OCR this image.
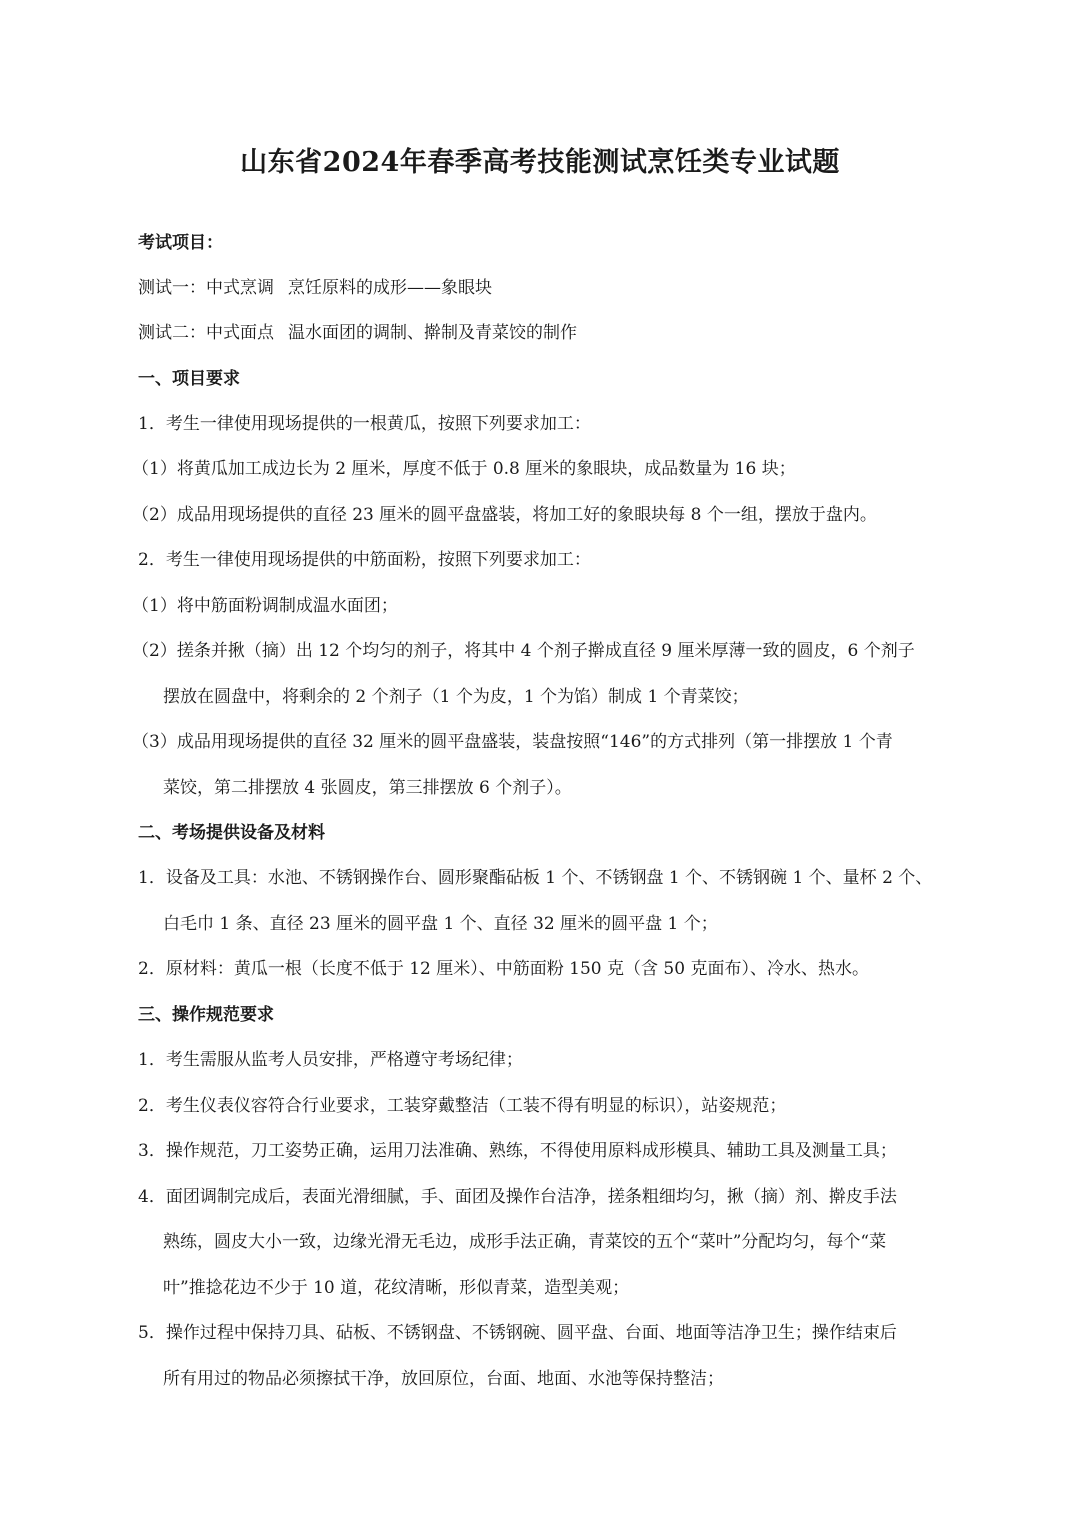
山东省2024年春季高考技能测试烹饪类专业试题
考试项目：
测试一：中式烹调 烹饪原料的成形——象眼块
测试二：中式面点 温水面团的调制、擀制及青菜饺的制作
一、项目要求
1．考生一律使用现场提供的一根黄瓜，按照下列要求加工：
（1）将黄瓜加工成边长为 2 厘米，厚度不低于 0.8 厘米的象眼块，成品数量为 16 块；
（2）成品用现场提供的直径 23 厘米的圆平盘盛装，将加工好的象眼块每 8 个一组，摆放于盘内。
2．考生一律使用现场提供的中筋面粉，按照下列要求加工：
（1）将中筋面粉调制成温水面团；
（2）搓条并揪（摘）出 12 个均匀的剂子，将其中 4 个剂子擀成直径 9 厘米厚薄一致的圆皮，6 个剂子
摆放在圆盘中，将剩余的 2 个剂子（1 个为皮，1 个为馅）制成 1 个青菜饺；
（3）成品用现场提供的直径 32 厘米的圆平盘盛装，装盘按照“146”的方式排列（第一排摆放 1 个青
菜饺，第二排摆放 4 张圆皮，第三排摆放 6 个剂子）。
二、考场提供设备及材料
1．设备及工具：水池、不锈钢操作台、圆形聚酯砧板 1 个、不锈钢盘 1 个、不锈钢碗 1 个、量杯 2 个、
白毛巾 1 条、直径 23 厘米的圆平盘 1 个、直径 32 厘米的圆平盘 1 个；
2．原材料：黄瓜一根（长度不低于 12 厘米）、中筋面粉 150 克（含 50 克面布）、冷水、热水。
三、操作规范要求
1．考生需服从监考人员安排，严格遵守考场纪律；
2．考生仪表仪容符合行业要求，工装穿戴整洁（工装不得有明显的标识），站姿规范；
3．操作规范，刀工姿势正确，运用刀法准确、熟练，不得使用原料成形模具、辅助工具及测量工具；
4．面团调制完成后，表面光滑细腻，手、面团及操作台洁净，搓条粗细均匀，揪（摘）剂、擀皮手法
熟练，圆皮大小一致，边缘光滑无毛边，成形手法正确，青菜饺的五个“菜叶”分配均匀，每个“菜
叶”推捻花边不少于 10 道，花纹清晰，形似青菜，造型美观；
5．操作过程中保持刀具、砧板、不锈钢盘、不锈钢碗、圆平盘、台面、地面等洁净卫生；操作结束后
所有用过的物品必须擦拭干净，放回原位，台面、地面、水池等保持整洁；
